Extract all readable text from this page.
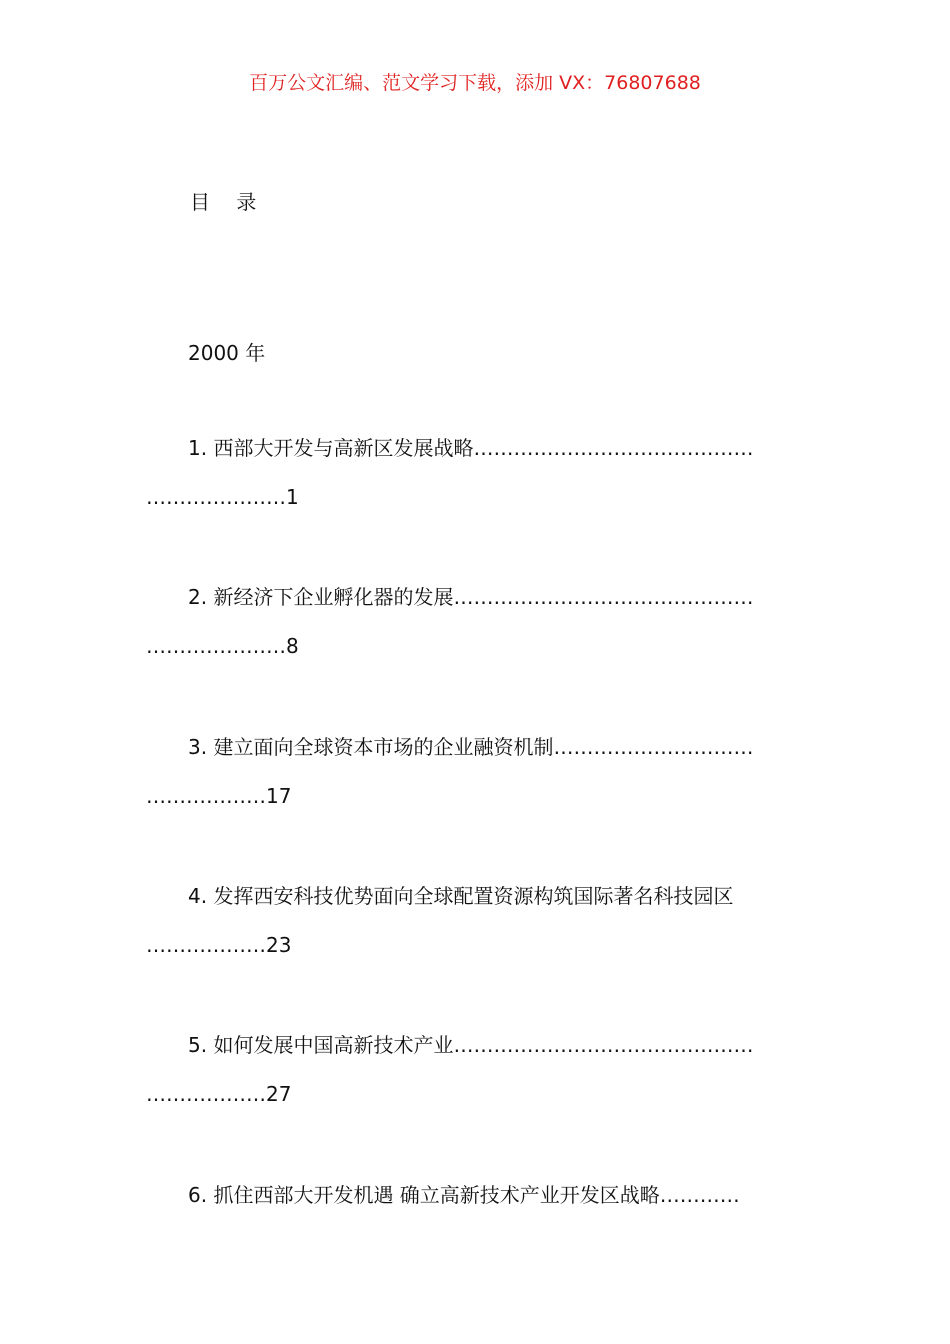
百万公文汇编、范文学习下载，添加 VX：76807688
目 录
2000 年
1. 西部大开发与高新区发展战略……………………………………
…………………1
2. 新经济下企业孵化器的发展………………………………………
…………………8
3. 建立面向全球资本市场的企业融资机制…………………………
………………17
4. 发挥西安科技优势面向全球配置资源构筑国际著名科技园区
………………23
5. 如何发展中国高新技术产业………………………………………
………………27
6. 抓住西部大开发机遇 确立高新技术产业开发区战略…………
